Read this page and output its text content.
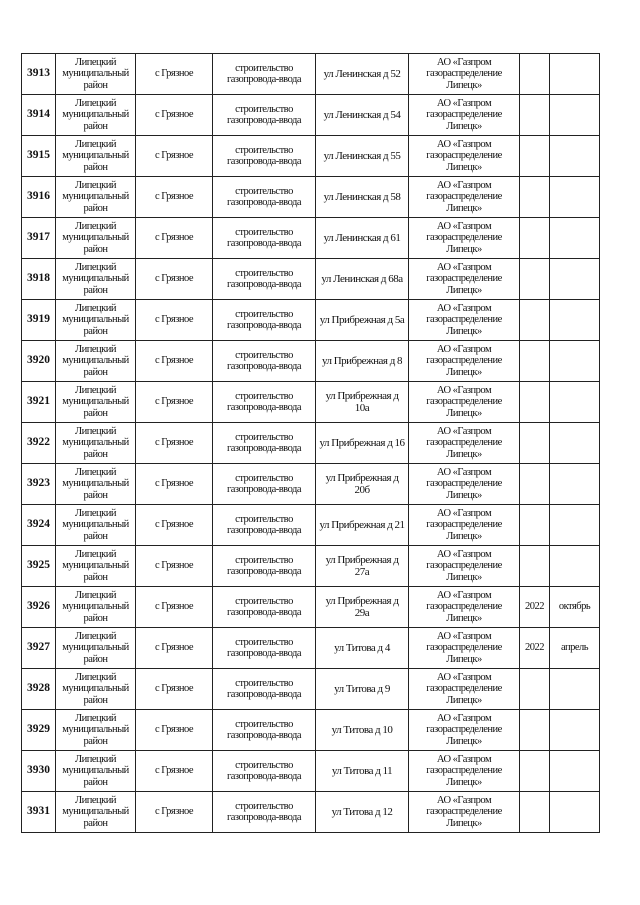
3913	Липецкий муниципальный район	с Грязное	строительство газопровода-ввода	ул Ленинская д 52	АО «Газпром газораспределение Липецк»		
3914	Липецкий муниципальный район	с Грязное	строительство газопровода-ввода	ул Ленинская д 54	АО «Газпром газораспределение Липецк»		
3915	Липецкий муниципальный район	с Грязное	строительство газопровода-ввода	ул Ленинская д 55	АО «Газпром газораспределение Липецк»		
3916	Липецкий муниципальный район	с Грязное	строительство газопровода-ввода	ул Ленинская д 58	АО «Газпром газораспределение Липецк»		
3917	Липецкий муниципальный район	с Грязное	строительство газопровода-ввода	ул Ленинская д 61	АО «Газпром газораспределение Липецк»		
3918	Липецкий муниципальный район	с Грязное	строительство газопровода-ввода	ул Ленинская д 68а	АО «Газпром газораспределение Липецк»		
3919	Липецкий муниципальный район	с Грязное	строительство газопровода-ввода	ул Прибрежная д 5а	АО «Газпром газораспределение Липецк»		
3920	Липецкий муниципальный район	с Грязное	строительство газопровода-ввода	ул Прибрежная д 8	АО «Газпром газораспределение Липецк»		
3921	Липецкий муниципальный район	с Грязное	строительство газопровода-ввода	ул Прибрежная д 10а	АО «Газпром газораспределение Липецк»		
3922	Липецкий муниципальный район	с Грязное	строительство газопровода-ввода	ул Прибрежная д 16	АО «Газпром газораспределение Липецк»		
3923	Липецкий муниципальный район	с Грязное	строительство газопровода-ввода	ул Прибрежная д 20б	АО «Газпром газораспределение Липецк»		
3924	Липецкий муниципальный район	с Грязное	строительство газопровода-ввода	ул Прибрежная д 21	АО «Газпром газораспределение Липецк»		
3925	Липецкий муниципальный район	с Грязное	строительство газопровода-ввода	ул Прибрежная д 27а	АО «Газпром газораспределение Липецк»		
3926	Липецкий муниципальный район	с Грязное	строительство газопровода-ввода	ул Прибрежная д 29а	АО «Газпром газораспределение Липецк»	2022	октябрь
3927	Липецкий муниципальный район	с Грязное	строительство газопровода-ввода	ул Титова д 4	АО «Газпром газораспределение Липецк»	2022	апрель
3928	Липецкий муниципальный район	с Грязное	строительство газопровода-ввода	ул Титова д 9	АО «Газпром газораспределение Липецк»		
3929	Липецкий муниципальный район	с Грязное	строительство газопровода-ввода	ул Титова д 10	АО «Газпром газораспределение Липецк»		
3930	Липецкий муниципальный район	с Грязное	строительство газопровода-ввода	ул Титова д 11	АО «Газпром газораспределение Липецк»		
3931	Липецкий муниципальный район	с Грязное	строительство газопровода-ввода	ул Титова д 12	АО «Газпром газораспределение Липецк»		
